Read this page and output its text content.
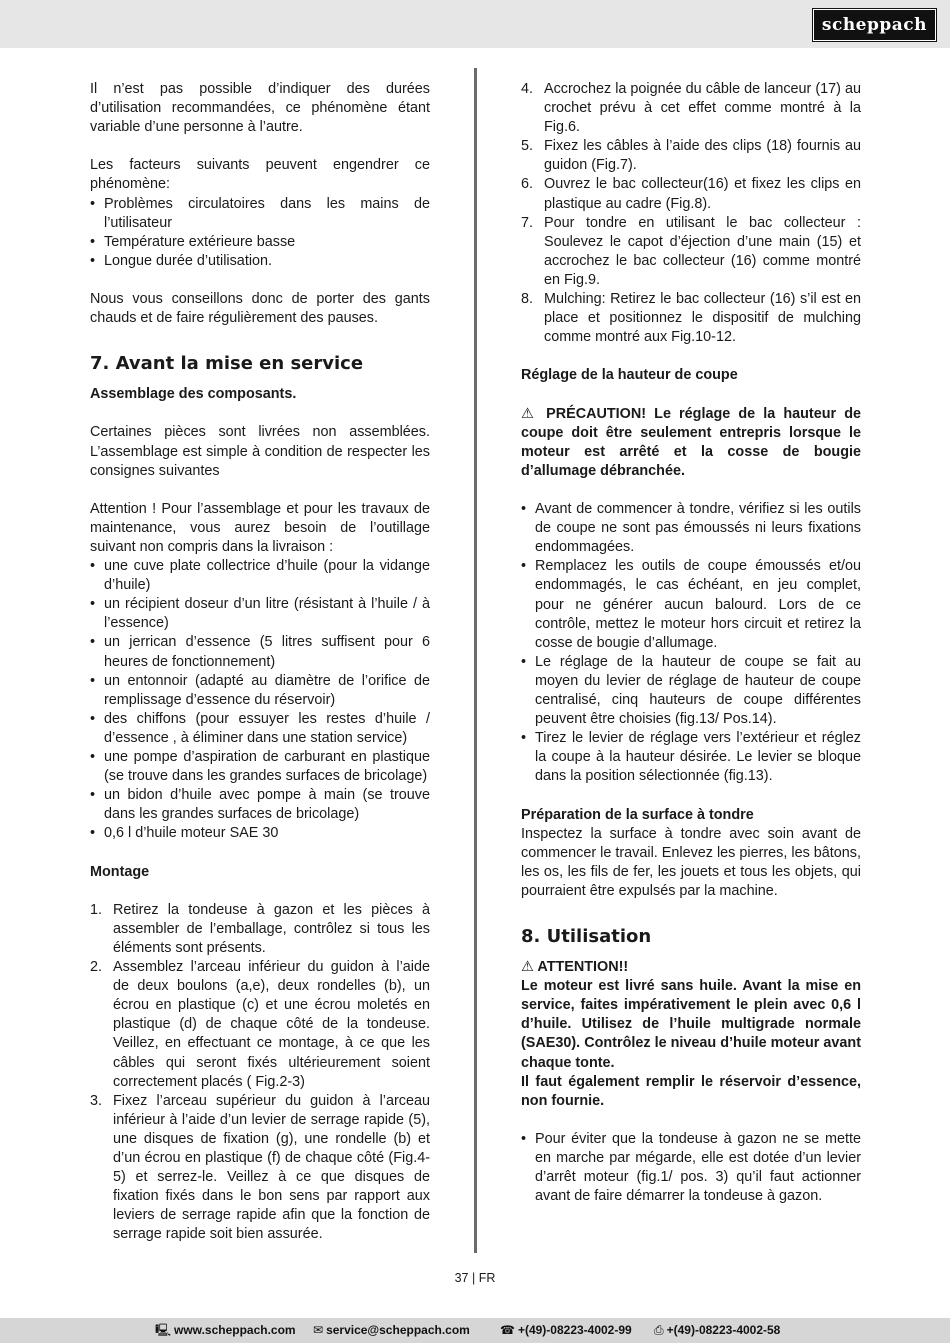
scheppach

Il n’est pas possible d’indiquer des durées d’utilisation recommandées, ce phénomène étant variable d’une personne à l’autre.

Les facteurs suivants peuvent engendrer ce phénomène:

• Problèmes circulatoires dans les mains de l’utilisateur
• Température extérieure basse
• Longue durée d’utilisation.

Nous vous conseillons donc de porter des gants chauds et de faire régulièrement des pauses.

7. Avant la mise en service

Assemblage des composants.

Certaines pièces sont livrées non assemblées. L’assemblage est simple à condition de respecter les consignes suivantes

Attention ! Pour l’assemblage et pour les travaux de maintenance, vous aurez besoin de l’outillage suivant non compris dans la livraison :

• une cuve plate collectrice d’huile (pour la vidange d’huile)
• un récipient doseur d’un litre (résistant à l’huile / à l’essence)
• un jerrican d’essence (5 litres suffisent pour 6 heures de fonctionnement)
• un entonnoir (adapté au diamètre de l’orifice de remplissage d’essence du réservoir)
• des chiffons (pour essuyer les restes d’huile / d’essence , à éliminer dans une station service)
• une pompe d’aspiration de carburant en plastique (se trouve dans les grandes surfaces de bricolage)
• un bidon d’huile avec pompe à main (se trouve dans les grandes surfaces de bricolage)
• 0,6 l d’huile moteur SAE 30

Montage

1. Retirez la tondeuse à gazon et les pièces à assembler de l’emballage, contrôlez si tous les éléments sont présents.
2. Assemblez l’arceau inférieur du guidon à l’aide de deux boulons (a,e), deux rondelles (b), un écrou en plastique (c) et une écrou moletés en plastique (d) de chaque côté de la tondeuse. Veillez, en effectuant ce montage, à ce que les câbles qui seront fixés ultérieurement soient correctement placés ( Fig.2-3)
3. Fixez l’arceau supérieur du guidon à l’arceau inférieur à l’aide d’un levier de serrage rapide (5), une disques de fixation (g), une rondelle (b) et d’un écrou en plastique (f) de chaque côté (Fig.4-5) et serrez-le. Veillez à ce que disques de fixation fixés dans le bon sens par rapport aux leviers de serrage rapide afin que la fonction de serrage rapide soit bien assurée.
4. Accrochez la poignée du câble de lanceur (17) au crochet prévu à cet effet comme montré à la Fig.6.
5. Fixez les câbles à l’aide des clips (18) fournis au guidon (Fig.7).
6. Ouvrez le bac collecteur(16) et fixez les clips en plastique au cadre (Fig.8).
7. Pour tondre en utilisant le bac collecteur : Soulevez le capot d’éjection d’une main (15) et accrochez le bac collecteur (16) comme montré en Fig.9.
8. Mulching: Retirez le bac collecteur (16) s’il est en place et positionnez le dispositif de mulching comme montré aux Fig.10-12.

Réglage de la hauteur de coupe

⚠ PRÉCAUTION! Le réglage de la hauteur de coupe doit être seulement entrepris lorsque le moteur est arrêté et la cosse de bougie d’allumage débranchée.

• Avant de commencer à tondre, vérifiez si les outils de coupe ne sont pas émoussés ni leurs fixations endommagées.
• Remplacez les outils de coupe émoussés et/ou endommagés, le cas échéant, en jeu complet, pour ne générer aucun balourd. Lors de ce contrôle, mettez le moteur hors circuit et retirez la cosse de bougie d’allumage.
• Le réglage de la hauteur de coupe se fait au moyen du levier de réglage de hauteur de coupe centralisé, cinq hauteurs de coupe différentes peuvent être choisies (fig.13/ Pos.14).
• Tirez le levier de réglage vers l’extérieur et réglez la coupe à la hauteur désirée. Le levier se bloque dans la position sélectionnée (fig.13).

Préparation de la surface à tondre

Inspectez la surface à tondre avec soin avant de commencer le travail. Enlevez les pierres, les bâtons, les os, les fils de fer, les jouets et tous les objets, qui pourraient être expulsés par la machine.

8. Utilisation

⚠ ATTENTION!!

Le moteur est livré sans huile. Avant la mise en service, faites impérativement le plein avec 0,6 l d’huile. Utilisez de l’huile multigrade normale (SAE30). Contrôlez le niveau d’huile moteur avant chaque tonte.

Il faut également remplir le réservoir d’essence, non fournie.

• Pour éviter que la tondeuse à gazon ne se mette en marche par mégarde, elle est dotée d’un levier d’arrêt moteur (fig.1/ pos. 3) qu’il faut actionner avant de faire démarrer la tondeuse à gazon.
37 | FR
🖳 www.scheppach.com ✉ service@scheppach.com	☎ +(49)-08223-4002-99 ⎙ +(49)-08223-4002-58
